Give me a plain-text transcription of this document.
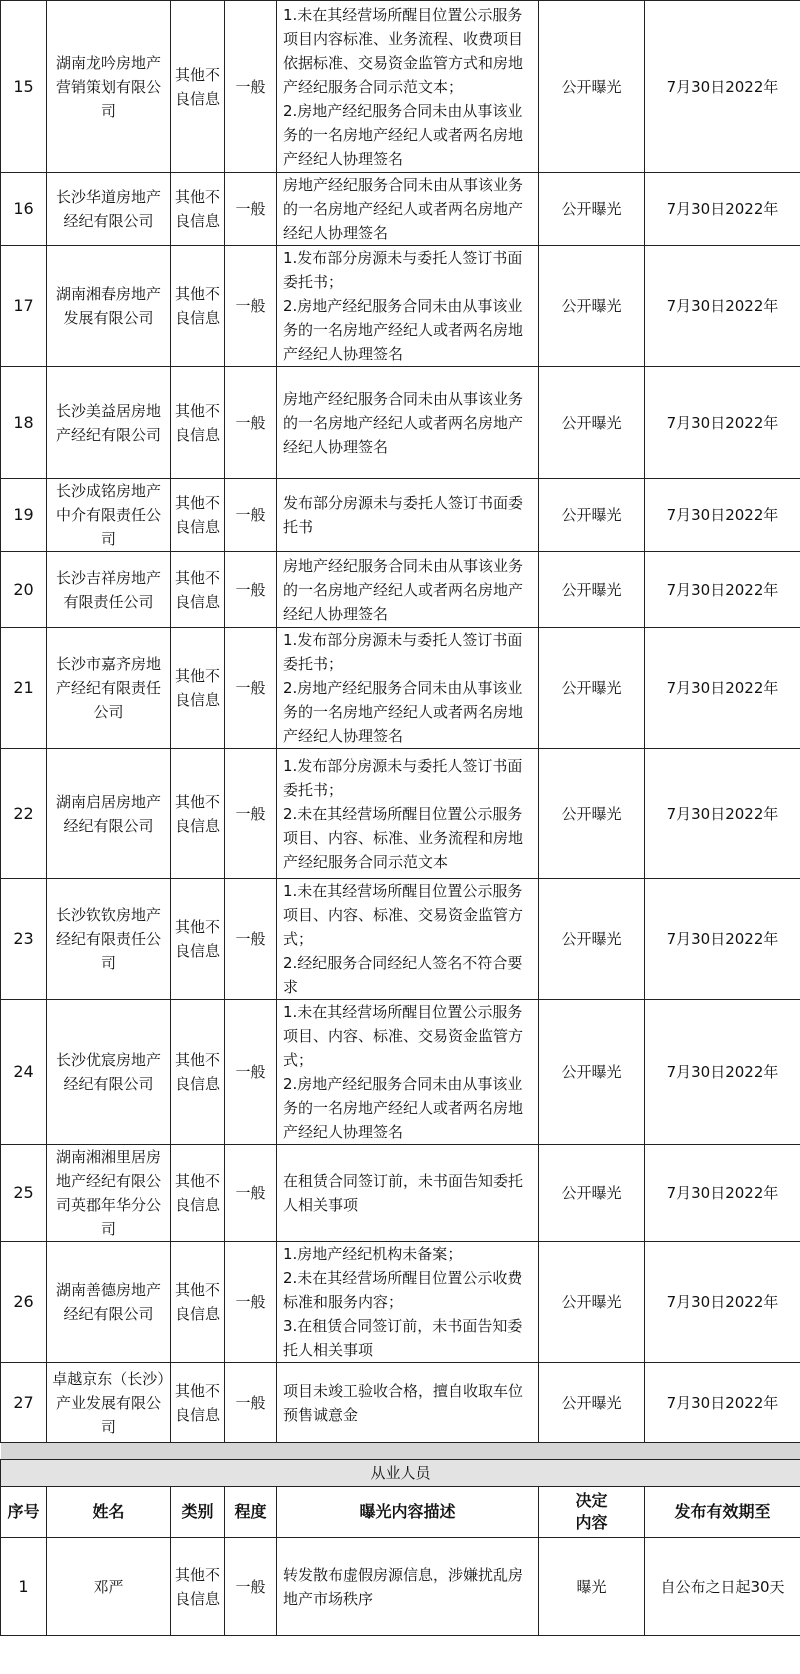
15	湖南龙吟房地产营销策划有限公司	其他不良信息	一般	1.未在其经营场所醒目位置公示服务项目内容标准、业务流程、收费项目依据标准、交易资金监管方式和房地产经纪服务合同示范文本；
2.房地产经纪服务合同未由从事该业务的一名房地产经纪人或者两名房地产经纪人协理签名	公开曝光	7月30日2022年
16	长沙华道房地产经纪有限公司	其他不良信息	一般	房地产经纪服务合同未由从事该业务的一名房地产经纪人或者两名房地产经纪人协理签名	公开曝光	7月30日2022年
17	湖南湘春房地产发展有限公司	其他不良信息	一般	1.发布部分房源未与委托人签订书面委托书；
2.房地产经纪服务合同未由从事该业务的一名房地产经纪人或者两名房地产经纪人协理签名	公开曝光	7月30日2022年
18	长沙美益居房地产经纪有限公司	其他不良信息	一般	房地产经纪服务合同未由从事该业务的一名房地产经纪人或者两名房地产经纪人协理签名	公开曝光	7月30日2022年
19	长沙成铭房地产中介有限责任公司	其他不良信息	一般	发布部分房源未与委托人签订书面委托书	公开曝光	7月30日2022年
20	长沙吉祥房地产有限责任公司	其他不良信息	一般	房地产经纪服务合同未由从事该业务的一名房地产经纪人或者两名房地产经纪人协理签名	公开曝光	7月30日2022年
21	长沙市嘉齐房地产经纪有限责任公司	其他不良信息	一般	1.发布部分房源未与委托人签订书面委托书；
2.房地产经纪服务合同未由从事该业务的一名房地产经纪人或者两名房地产经纪人协理签名	公开曝光	7月30日2022年
22	湖南启居房地产经纪有限公司	其他不良信息	一般	1.发布部分房源未与委托人签订书面委托书；
2.未在其经营场所醒目位置公示服务项目、内容、标准、业务流程和房地产经纪服务合同示范文本	公开曝光	7月30日2022年
23	长沙钦钦房地产经纪有限责任公司	其他不良信息	一般	1.未在其经营场所醒目位置公示服务项目、内容、标准、交易资金监管方式；
2.经纪服务合同经纪人签名不符合要求	公开曝光	7月30日2022年
24	长沙优宸房地产经纪有限公司	其他不良信息	一般	1.未在其经营场所醒目位置公示服务项目、内容、标准、交易资金监管方式；
2.房地产经纪服务合同未由从事该业务的一名房地产经纪人或者两名房地产经纪人协理签名	公开曝光	7月30日2022年
25	湖南湘湘里居房地产经纪有限公司英郡年华分公司	其他不良信息	一般	在租赁合同签订前，未书面告知委托人相关事项	公开曝光	7月30日2022年
26	湖南善德房地产经纪有限公司	其他不良信息	一般	1.房地产经纪机构未备案；
2.未在其经营场所醒目位置公示收费标准和服务内容；
3.在租赁合同签订前，未书面告知委托人相关事项	公开曝光	7月30日2022年
27	卓越京东（长沙）产业发展有限公司	其他不良信息	一般	项目未竣工验收合格，擅自收取车位预售诚意金	公开曝光	7月30日2022年

从业人员						
序号	姓名	类别	程度	曝光内容描述	决定内容	发布有效期至
1	邓严	其他不良信息	一般	转发散布虚假房源信息，涉嫌扰乱房地产市场秩序	曝光	自公布之日起30天
